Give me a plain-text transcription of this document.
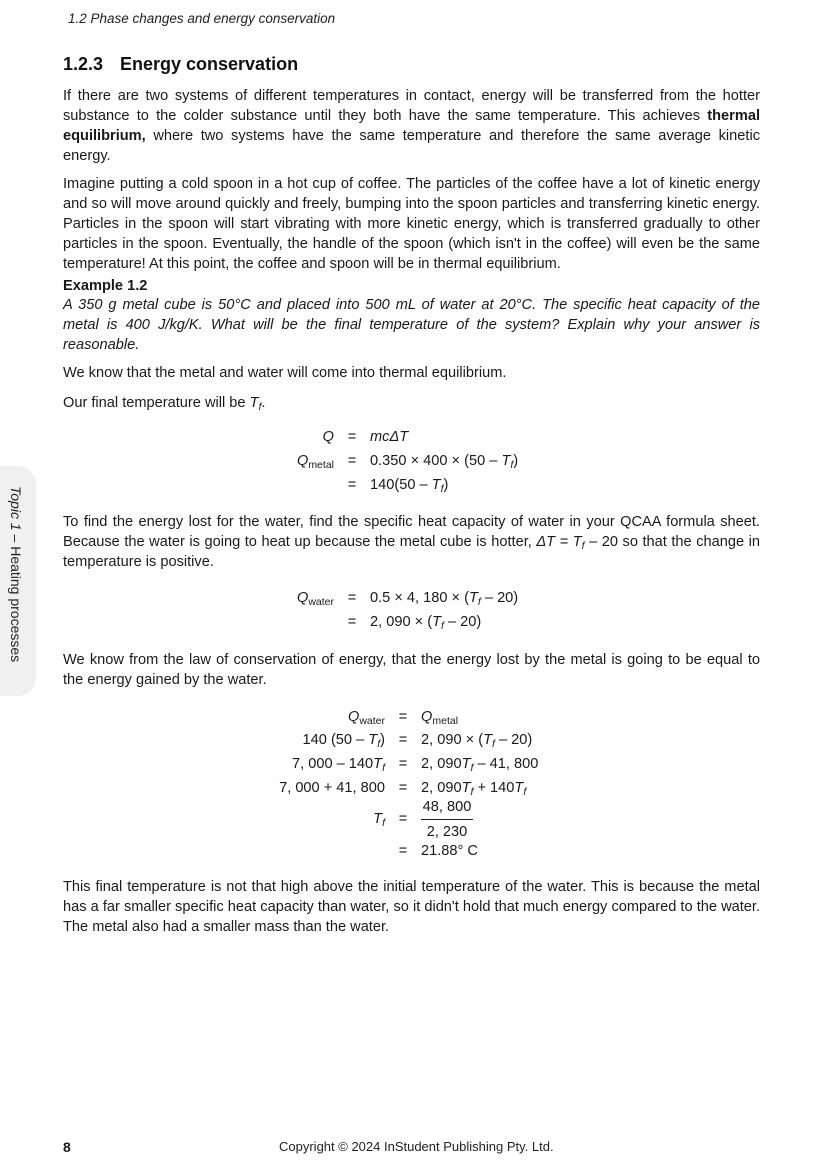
1.2 Phase changes and energy conservation
1.2.3 Energy conservation

If there are two systems of different temperatures in contact, energy will be transferred from the hotter substance to the colder substance until they both have the same temperature. This achieves thermal equilibrium, where two systems have the same temperature and therefore the same average kinetic energy.

Imagine putting a cold spoon in a hot cup of coffee. The particles of the coffee have a lot of kinetic energy and so will move around quickly and freely, bumping into the spoon particles and transferring kinetic energy. Particles in the spoon will start vibrating with more kinetic energy, which is transferred gradually to other particles in the spoon. Eventually, the handle of the spoon (which isn't in the coffee) will even be the same temperature! At this point, the coffee and spoon will be in thermal equilibrium.

Example 1.2

A 350 g metal cube is 50°C and placed into 500 mL of water at 20°C. The specific heat capacity of the metal is 400 J/kg/K. What will be the final temperature of the system? Explain why your answer is reasonable.

We know that the metal and water will come into thermal equilibrium.

Our final temperature will be $T_f$.

Q = mcΔT
$Q_{metal} = 0.350 \times 400 \times (50 - T_f)$
= $140(50 - T_f)$

To find the energy lost for the water, find the specific heat capacity of water in your QCAA formula sheet. Because the water is going to heat up because the metal cube is hotter, $\Delta T = T_f - 20$ so that the change in temperature is positive.

$Q_{water} = 0.5 \times 4$, $180 \times (T_f - 20)$
= 2, $090 \times (T_f - 20)$

We know from the law of conservation of energy, that the energy lost by the metal is going to be equal to the energy gained by the water.

$Q_{water} = Q_{metal}$
140 $(50 - T_f) = 2$, $090 \times (T_f - 20)$
7, $000 - 140T_f = 2$, $090T_f - 41$, 800
7, 000 + 41, 800 = 2, $090T_f + 140T_f$
$T_f$ =
48, 800
2, 230
= 21.88° C

This final temperature is not that high above the initial temperature of the water. This is because the metal has a far smaller specific heat capacity than water, so it didn't hold that much energy compared to the water. The metal also had a smaller mass than the water.

Topic 1 – Heating processes
8	Copyright © 2024 InStudent Publishing Pty. Ltd.
